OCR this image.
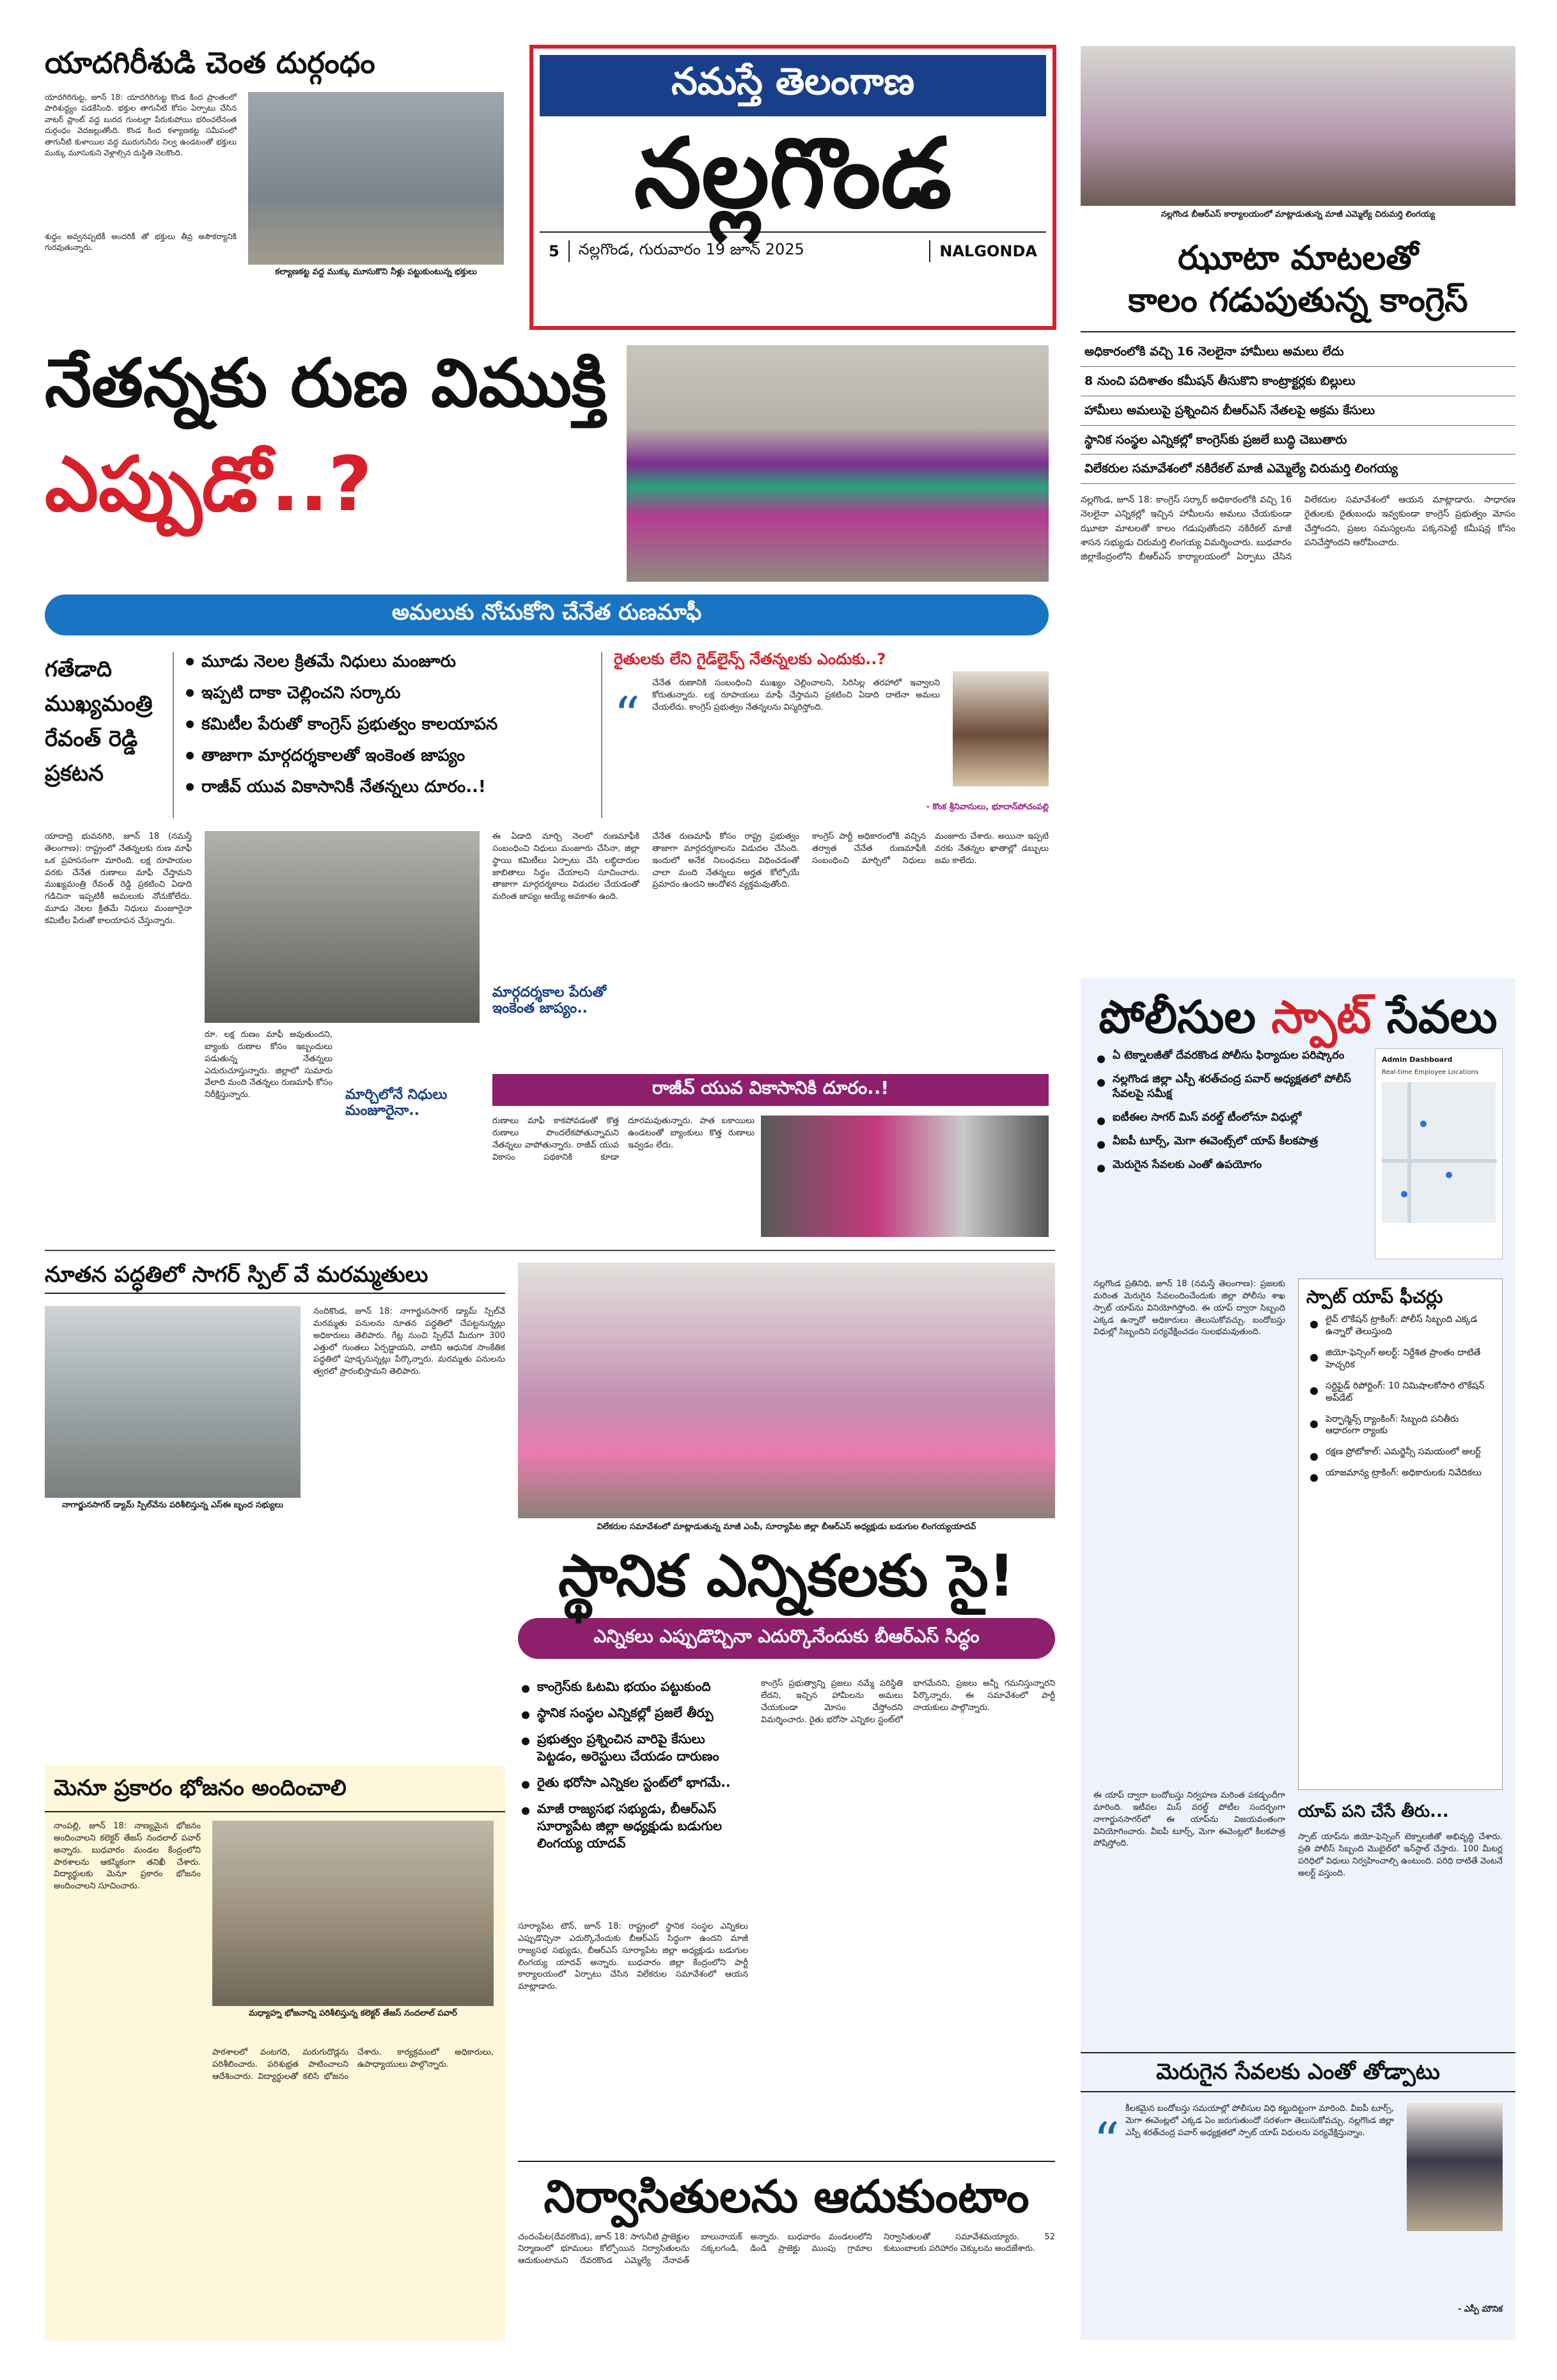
నమస్తే తెలంగాణ
నల్లగొండ
5	నల్లగొండ, గురువారం 19 జూన్ 2025	NALGONDA
యాదగిరీశుడి చెంత దుర్గంధం
యాదగిరిగుట్ట, జూన్ 18: యాదగిరిగుట్ట కొండ కింద ప్రాంతంలో పారిశుద్ధ్యం పడకేసింది. భక్తుల తాగునీటి కోసం ఏర్పాటు చేసిన వాటర్ ప్లాంట్ వద్ద బురద గుంటల్లా పేరుకుపోయి భరించలేనంత దుర్గంధం వెదజల్లుతోంది. కొండ కింద కళ్యాణకట్ట సమీపంలో తాగునీటి కుళాయిల వద్ద మురుగునీరు నిల్వ ఉండటంతో భక్తులు ముక్కు మూసుకుని వెళ్లాల్సిన దుస్థితి నెలకొంది.
కల్యాణకట్ట వద్ద ముక్కు మూసుకొని నీళ్లు పట్టుకుంటున్న భక్తులు
శుద్ధం అవ్వనప్పటికీ అందరికీ తో భక్తులు తీవ్ర అసౌకర్యానికి గురవుతున్నారు.
నల్లగొండ బీఆర్ఎస్ కార్యాలయంలో మాట్లాడుతున్న మాజీ ఎమ్మెల్యే చిరుమర్తి లింగయ్య
ఝూటా మాటలతో
కాలం గడుపుతున్న కాంగ్రెస్
అధికారంలోకి వచ్చి 16 నెలలైనా హామీలు అమలు లేదు
8 నుంచి పదిశాతం కమీషన్ తీసుకొని కాంట్రాక్టర్లకు బిల్లులు
హామీలు అమలుపై ప్రశ్నించిన బీఆర్ఎస్ నేతలపై అక్రమ కేసులు
స్థానిక సంస్థల ఎన్నికల్లో కాంగ్రెస్‌కు ప్రజలే బుద్ధి చెబుతారు
విలేకరుల సమావేశంలో నకిరేకల్ మాజీ ఎమ్మెల్యే చిరుమర్తి లింగయ్య
నల్లగొండ, జూన్ 18: కాంగ్రెస్ సర్కార్ అధికారంలోకి వచ్చి 16 నెలలైనా ఎన్నికల్లో ఇచ్చిన హామీలను అమలు చేయకుండా ఝూటా మాటలతో కాలం గడుపుతోందని నకిరేకల్ మాజీ శాసన సభ్యుడు చిరుమర్తి లింగయ్య విమర్శించారు. బుధవారం జిల్లాకేంద్రంలోని బీఆర్ఎస్ కార్యాలయంలో ఏర్పాటు చేసిన విలేకరుల సమావేశంలో ఆయన మాట్లాడారు. సాధారణ రైతులకు రైతుబంధు ఇవ్వకుండా కాంగ్రెస్ ప్రభుత్వం మోసం చేస్తోందని, ప్రజల సమస్యలను పక్కనపెట్టి కమీషన్ల కోసం పనిచేస్తోందని ఆరోపించారు.
నేతన్నకు రుణ విముక్తి
ఎప్పుడో..?
అమలుకు నోచుకోని చేనేత రుణమాఫీ
గతేడాది ముఖ్యమంత్రి రేవంత్ రెడ్డి ప్రకటన
మూడు నెలల క్రితమే నిధులు మంజూరు
ఇప్పటి దాకా చెల్లించని సర్కారు
కమిటీల పేరుతో కాంగ్రెస్ ప్రభుత్వం కాలయాపన
తాజాగా మార్గదర్శకాలతో ఇంకెంత జాప్యం
రాజీవ్ యువ వికాసానికీ నేతన్నలు దూరం..!
రైతులకు లేని గైడ్‌లైన్స్ నేతన్నలకు ఎందుకు..?
“
చేనేత రుణానికి సంబంధించి ముఖ్యం చెల్లించాలని, సిరిసిల్ల తరహాలో ఇవ్వాలని కోరుతున్నారు. లక్ష రూపాయలు మాఫీ చేస్తామని ప్రకటించి ఏడాది దాటినా అమలు చేయలేదు. కాంగ్రెస్ ప్రభుత్వం నేతన్నలను విస్మరిస్తోంది.
- కొంక శ్రీనివాసులు, భూదాన్‌పోచంపల్లి
యాదాద్రి భువనగిరి, జూన్ 18 (నమస్తే తెలంగాణ): రాష్ట్రంలో నేతన్నలకు రుణ మాఫీ ఒక ప్రహసనంగా మారింది. లక్ష రూపాయల వరకు చేనేత రుణాలు మాఫీ చేస్తామని ముఖ్యమంత్రి రేవంత్ రెడ్డి ప్రకటించి ఏడాది గడిచినా ఇప్పటికీ అమలుకు నోచుకోలేదు. మూడు నెలల క్రితమే నిధులు మంజూరైనా కమిటీల పేరుతో కాలయాపన చేస్తున్నారు.
రూ. లక్ష రుణం మాఫీ అవుతుందని, బ్యాంకు రుణాల కోసం ఇబ్బందులు పడుతున్న నేతన్నలు ఎదురుచూస్తున్నారు. జిల్లాలో సుమారు వేలాది మంది నేతన్నలు రుణమాఫీ కోసం నిరీక్షిస్తున్నారు.
ఈ ఏడాది మార్చి నెలలో రుణమాఫీకి సంబంధించి నిధులు మంజూరు చేసినా, జిల్లా స్థాయి కమిటీలు ఏర్పాటు చేసి లబ్ధిదారుల జాబితాలు సిద్ధం చేయాలని సూచించారు. తాజాగా మార్గదర్శకాలు విడుదల చేయడంతో మరింత జాప్యం అయ్యే అవకాశం ఉంది.
మార్గదర్శకాల పేరుతో ఇంకెంత జాప్యం..
చేనేత రుణమాఫీ కోసం రాష్ట్ర ప్రభుత్వం తాజాగా మార్గదర్శకాలను విడుదల చేసింది. ఇందులో అనేక నిబంధనలు విధించడంతో చాలా మంది నేతన్నలు అర్హత కోల్పోయే ప్రమాదం ఉందని ఆందోళన వ్యక్తమవుతోంది.
కాంగ్రెస్ పార్టీ అధికారంలోకి వచ్చిన తర్వాత చేనేత రుణమాఫీకి సంబంధించి మార్చిలో నిధులు మంజూరు చేశారు. అయినా ఇప్పటి వరకు నేతన్నల ఖాతాల్లో డబ్బులు జమ కాలేదు.
మార్చిలోనే నిధులు మంజూరైనా..
రాజీవ్ యువ వికాసానికి దూరం..!
రుణాలు మాఫీ కాకపోవడంతో కొత్త రుణాలు పొందలేకపోతున్నామని నేతన్నలు వాపోతున్నారు. రాజీవ్ యువ వికాసం పథకానికి కూడా దూరమవుతున్నారు. పాత బకాయిలు ఉండటంతో బ్యాంకులు కొత్త రుణాలు ఇవ్వడం లేదు.
నూతన పద్ధతిలో సాగర్ స్పిల్ వే మరమ్మతులు
నాగార్జునసాగర్ డ్యామ్ స్పిల్‌వేను పరిశీలిస్తున్న ఎస్ఈ బృంద సభ్యులు
నందికొండ, జూన్ 18: నాగార్జునసాగర్ డ్యామ్ స్పిల్‌వే మరమ్మతు పనులను నూతన పద్ధతిలో చేపట్టనున్నట్లు అధికారులు తెలిపారు. గేట్ల నుంచి స్పిల్‌వే మీదుగా 300 ఎత్తులో గుంతలు ఏర్పడ్డాయని, వాటిని ఆధునిక సాంకేతిక పద్ధతిలో పూడ్చనున్నట్లు పేర్కొన్నారు. మరమ్మతు పనులను త్వరలో ప్రారంభిస్తామని తెలిపారు.
మెనూ ప్రకారం భోజనం అందించాలి
నాంపల్లి, జూన్ 18: నాణ్యమైన భోజనం అందించాలని కలెక్టర్ తేజస్ నందలాల్ పవార్ అన్నారు. బుధవారం మండల కేంద్రంలోని పాఠశాలను ఆకస్మికంగా తనిఖీ చేశారు. విద్యార్థులకు మెనూ ప్రకారం భోజనం అందించాలని సూచించారు.
మధ్యాహ్న భోజనాన్ని పరిశీలిస్తున్న కలెక్టర్ తేజస్ నందలాల్ పవార్
పాఠశాలలో వంటగది, మరుగుదొడ్లను పరిశీలించారు. పరిశుభ్రత పాటించాలని ఆదేశించారు. విద్యార్థులతో కలిసి భోజనం చేశారు. కార్యక్రమంలో అధికారులు, ఉపాధ్యాయులు పాల్గొన్నారు.
విలేకరుల సమావేశంలో మాట్లాడుతున్న మాజీ ఎంపీ, సూర్యాపేట జిల్లా బీఆర్ఎస్ అధ్యక్షుడు బడుగుల లింగయ్యయాదవ్
స్థానిక ఎన్నికలకు సై!
ఎన్నికలు ఎప్పుడొచ్చినా ఎదుర్కొనేందుకు బీఆర్ఎస్ సిద్ధం
కాంగ్రెస్‌కు ఓటమి భయం పట్టుకుంది
స్థానిక సంస్థల ఎన్నికల్లో ప్రజలే తీర్పు
ప్రభుత్వం ప్రశ్నించిన వారిపై కేసులు పెట్టడం, అరెస్టులు చేయడం దారుణం
రైతు భరోసా ఎన్నికల స్టంట్‌లో భాగమే..
మాజీ రాజ్యసభ సభ్యుడు, బీఆర్ఎస్ సూర్యాపేట జిల్లా అధ్యక్షుడు బడుగుల లింగయ్య యాదవ్
సూర్యాపేట టౌన్, జూన్ 18: రాష్ట్రంలో స్థానిక సంస్థల ఎన్నికలు ఎప్పుడొచ్చినా ఎదుర్కొనేందుకు బీఆర్ఎస్ సిద్ధంగా ఉందని మాజీ రాజ్యసభ సభ్యుడు, బీఆర్ఎస్ సూర్యాపేట జిల్లా అధ్యక్షుడు బడుగుల లింగయ్య యాదవ్ అన్నారు. బుధవారం జిల్లా కేంద్రంలోని పార్టీ కార్యాలయంలో ఏర్పాటు చేసిన విలేకరుల సమావేశంలో ఆయన మాట్లాడారు.
కాంగ్రెస్ ప్రభుత్వాన్ని ప్రజలు నమ్మే పరిస్థితి లేదని, ఇచ్చిన హామీలను అమలు చేయకుండా మోసం చేస్తోందని విమర్శించారు. రైతు భరోసా ఎన్నికల స్టంట్‌లో భాగమేనని, ప్రజలు అన్నీ గమనిస్తున్నారని పేర్కొన్నారు. ఈ సమావేశంలో పార్టీ నాయకులు పాల్గొన్నారు.
నిర్వాసితులను ఆదుకుంటాం
చందంపేట(దేవరకొండ), జూన్ 18: సాగునీటి ప్రాజెక్టుల నిర్మాణంలో భూములు కోల్పోయిన నిర్వాసితులను ఆదుకుంటామని దేవరకొండ ఎమ్మెల్యే నేనావత్ బాలునాయక్ అన్నారు. బుధవారం మండలంలోని నక్కలగండి, డిండి ప్రాజెక్టు ముంపు గ్రామాల నిర్వాసితులతో సమావేశమయ్యారు. 52 కుటుంబాలకు పరిహారం చెక్కులను అందజేశారు.
పోలీసుల స్పాట్ సేవలు
ఏ టెక్నాలజీతో దేవరకొండ పోలీసు ఫిర్యాదుల పరిష్కారం
నల్లగొండ జిల్లా ఎస్పీ శరత్‌చంద్ర పవార్ అధ్యక్షతలో పోలీస్ సేవలపై సమీక్ష
ఐటీఈల సాగర్ మిస్ వరల్డ్ టీంలోనూ విధుల్లో
వీఐపీ టూర్స్, మెగా ఈవెంట్స్‌లో యాప్ కీలకపాత్ర
మెరుగైన సేవలకు ఎంతో ఉపయోగం
Admin Dashboard
Real-time Employee Locations
నల్లగొండ ప్రతినిధి, జూన్ 18 (నమస్తే తెలంగాణ): ప్రజలకు మరింత మెరుగైన సేవలందించేందుకు జిల్లా పోలీసు శాఖ స్పాట్ యాప్‌ను వినియోగిస్తోంది. ఈ యాప్ ద్వారా సిబ్బంది ఎక్కడ ఉన్నారో అధికారులు తెలుసుకోవచ్చు. బందోబస్తు విధుల్లో సిబ్బందిని పర్యవేక్షించడం సులభమవుతుంది.
స్పాట్ యాప్ ఫీచర్లు
లైవ్ లొకేషన్ ట్రాకింగ్: పోలీస్ సిబ్బంది ఎక్కడ ఉన్నారో తెలుస్తుంది
జియో-ఫెన్సింగ్ అలర్ట్: నిర్దేశిత ప్రాంతం దాటితే హెచ్చరిక
సర్టిఫైడ్ రిపోర్టింగ్: 10 నిమిషాలకోసారి లొకేషన్ అప్‌డేట్
పెర్ఫార్మెన్స్ ర్యాంకింగ్: సిబ్బంది పనితీరు ఆధారంగా ర్యాంకు
రక్షణ ప్రోటోకాల్: ఎమర్జెన్సీ సమయంలో అలర్ట్
యాజమాన్య ట్రాకింగ్: అధికారులకు నివేదికలు
ఈ యాప్ ద్వారా బందోబస్తు నిర్వహణ మరింత పకడ్బందీగా మారింది. ఇటీవల మిస్ వరల్డ్ పోటీల సందర్భంగా నాగార్జునసాగర్‌లో ఈ యాప్‌ను విజయవంతంగా వినియోగించారు. వీఐపీ టూర్స్, మెగా ఈవెంట్లలో కీలకపాత్ర పోషిస్తోంది.
యాప్ పని చేసే తీరు...
స్పాట్ యాప్‌ను జియో-ఫెన్సింగ్ టెక్నాలజీతో అభివృద్ధి చేశారు. ప్రతి పోలీస్ సిబ్బంది మొబైల్‌లో ఇన్‌స్టాల్ చేస్తారు. 100 మీటర్ల పరిధిలో విధులు నిర్వహించాల్సి ఉంటుంది. పరిధి దాటితే వెంటనే అలర్ట్ వస్తుంది.
మెరుగైన సేవలకు ఎంతో తోడ్పాటు
“
కీలకమైన బందోబస్తు సమయాల్లో పోలీసుల విధి కట్టుదిట్టంగా మారింది. వీఐపీ టూర్స్, మెగా ఈవెంట్లలో ఎక్కడ ఏం జరుగుతుందో సరళంగా తెలుసుకోవచ్చు. నల్లగొండ జిల్లా ఎస్పీ శరత్‌చంద్ర పవార్ అధ్యక్షతలో స్పాట్ యాప్ విధులను పర్యవేక్షిస్తున్నాం.
- ఎస్పీ మౌనిక
